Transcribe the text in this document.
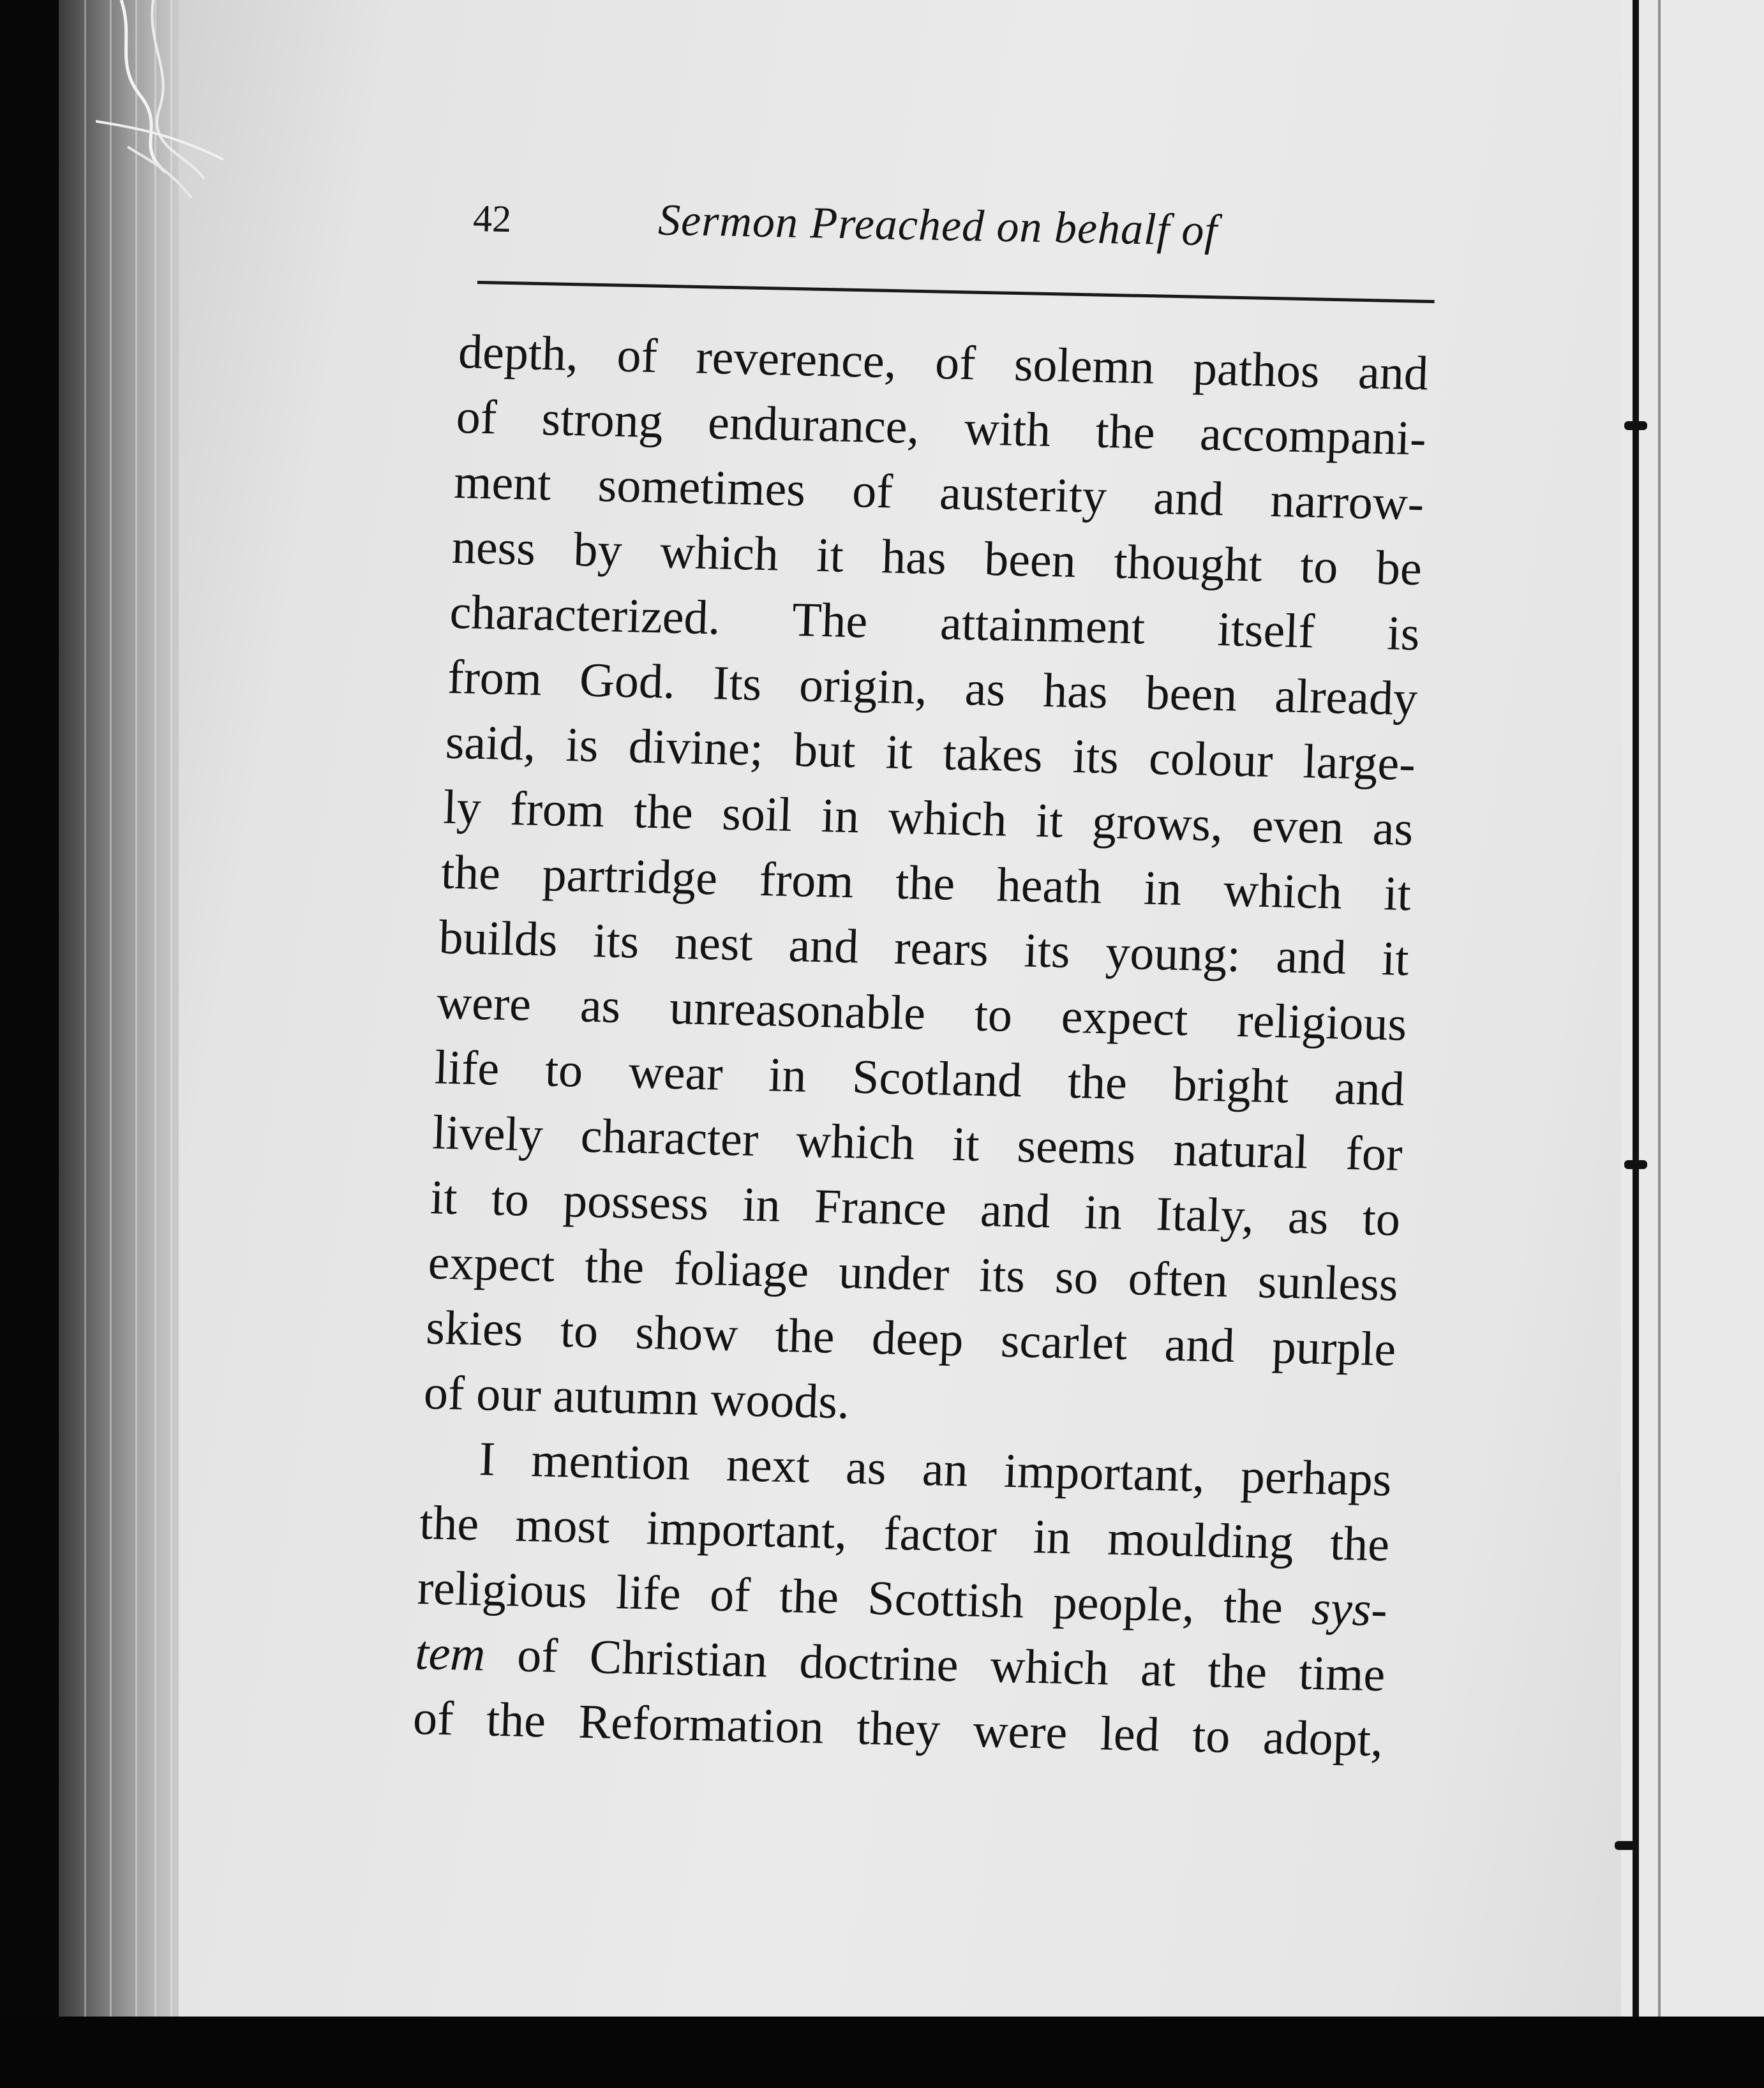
42	Sermon Preached on behalf of
depth, of reverence, of solemn pathos and
of strong endurance, with the accompani-
ment sometimes of austerity and narrow-
ness by which it has been thought to be
characterized. The attainment itself is
from God. Its origin, as has been already
said, is divine; but it takes its colour large-
ly from the soil in which it grows, even as
the partridge from the heath in which it
builds its nest and rears its young: and it
were as unreasonable to expect religious
life to wear in Scotland the bright and
lively character which it seems natural for
it to possess in France and in Italy, as to
expect the foliage under its so often sunless
skies to show the deep scarlet and purple
of our autumn woods.
I mention next as an important, perhaps
the most important, factor in moulding the
religious life of the Scottish people, the sys-
tem of Christian doctrine which at the time
of the Reformation they were led to adopt,
